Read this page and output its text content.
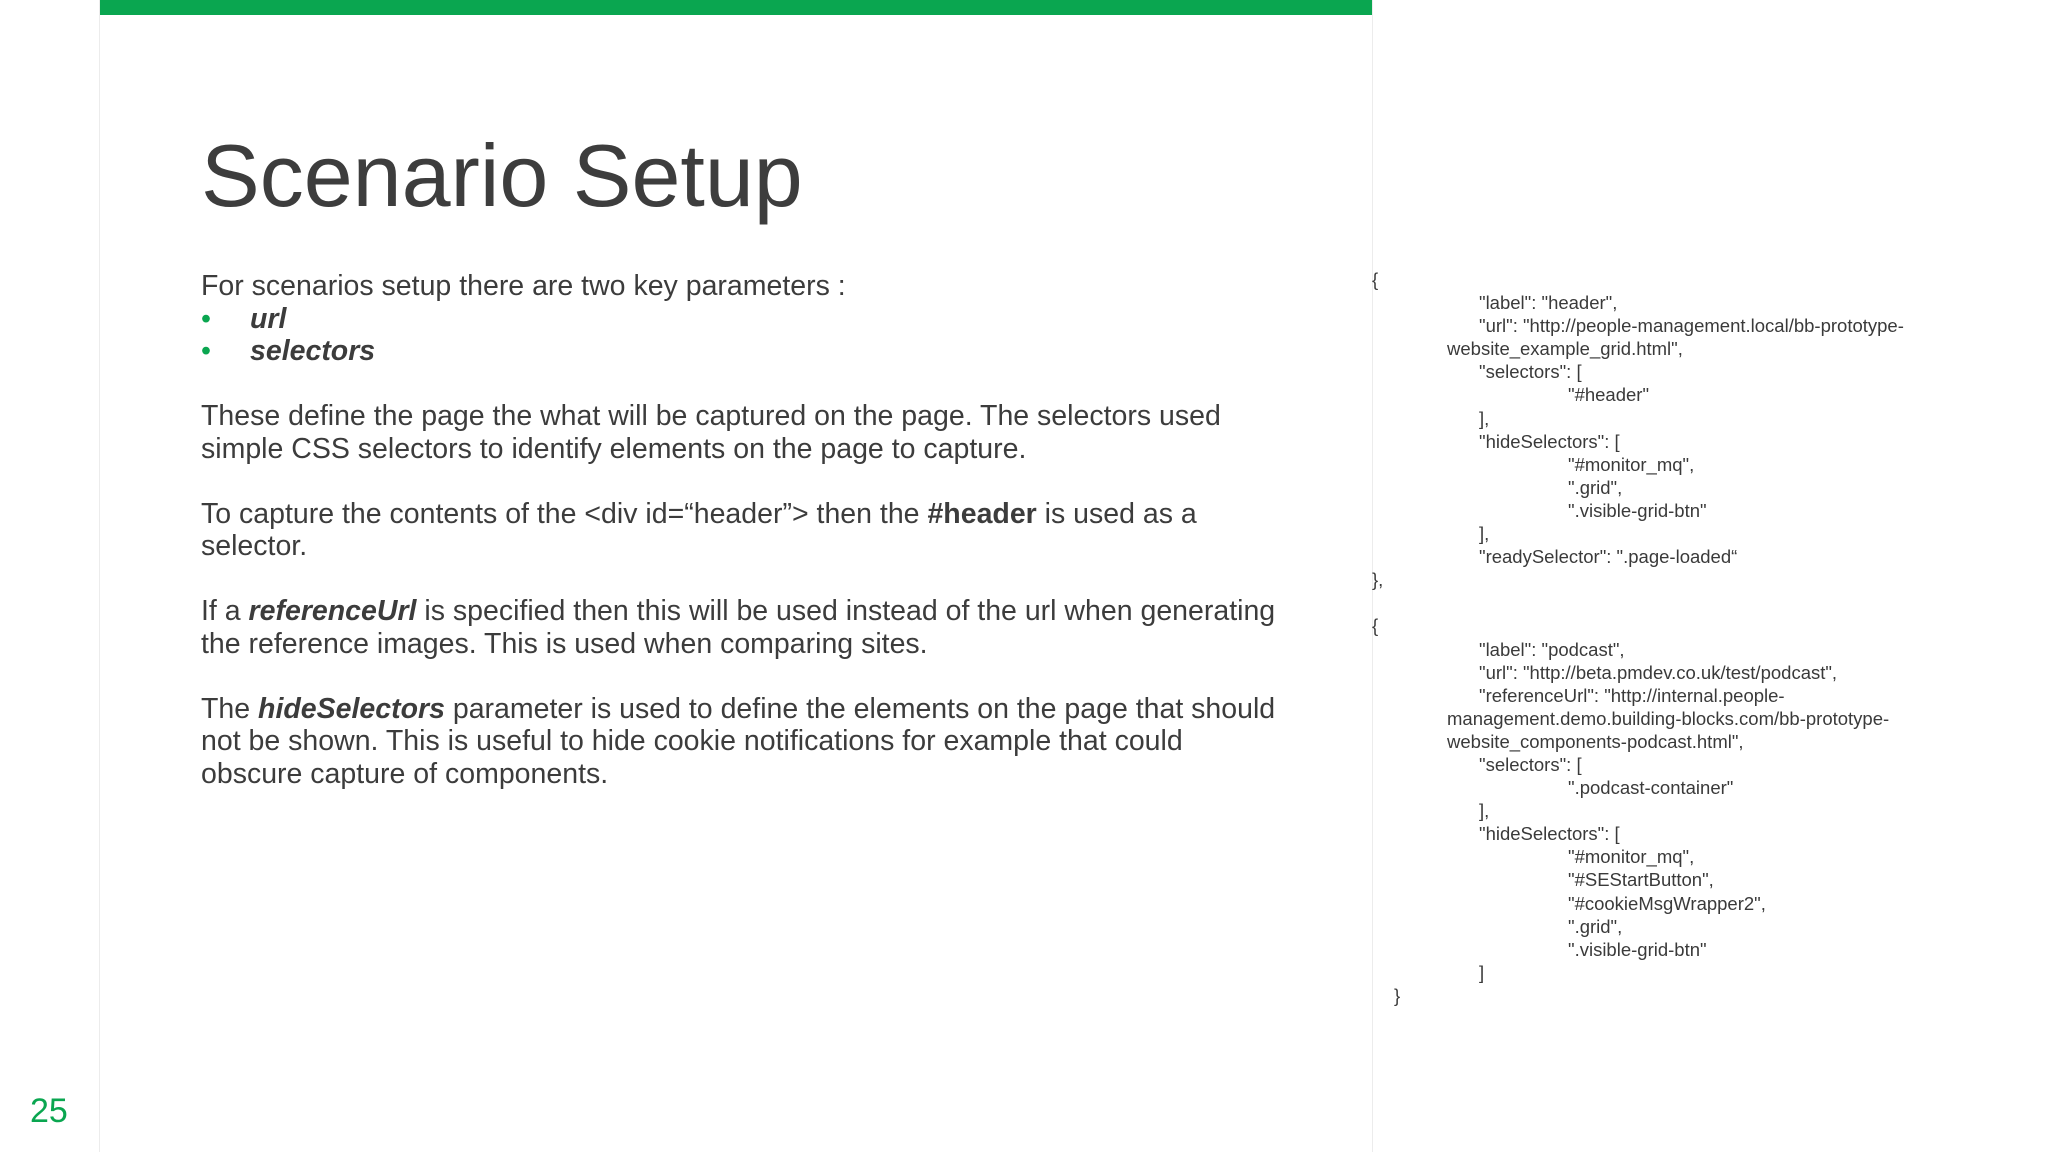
25
Scenario Setup

For scenarios setup there are two key parameters :

• url
• selectors

These define the page the what will be captured on the page. The selectors used simple CSS selectors to identify elements on the page to capture.

To capture the contents of the <div id=“header”> then the #header is used as a selector.

If a referenceUrl is specified then this will be used instead of the url when generating the reference images. This is used when comparing sites.

The hideSelectors parameter is used to define the elements on the page that should not be shown. This is useful to hide cookie notifications for example that could obscure capture of components.

{
"label": "header",
"url": "http://people-management.local/bb-prototype-
website_example_grid.html",
"selectors": [
"#header"
],
"hideSelectors": [
"#monitor_mq",
".grid",
".visible-grid-btn"
],
"readySelector": ".page-loaded“
},
{
"label": "podcast",
"url": "http://beta.pmdev.co.uk/test/podcast",
"referenceUrl": "http://internal.people-
management.demo.building-blocks.com/bb-prototype-
website_components-podcast.html",
"selectors": [
".podcast-container"
],
"hideSelectors": [
"#monitor_mq",
"#SEStartButton",
"#cookieMsgWrapper2",
".grid",
".visible-grid-btn"
]
}
